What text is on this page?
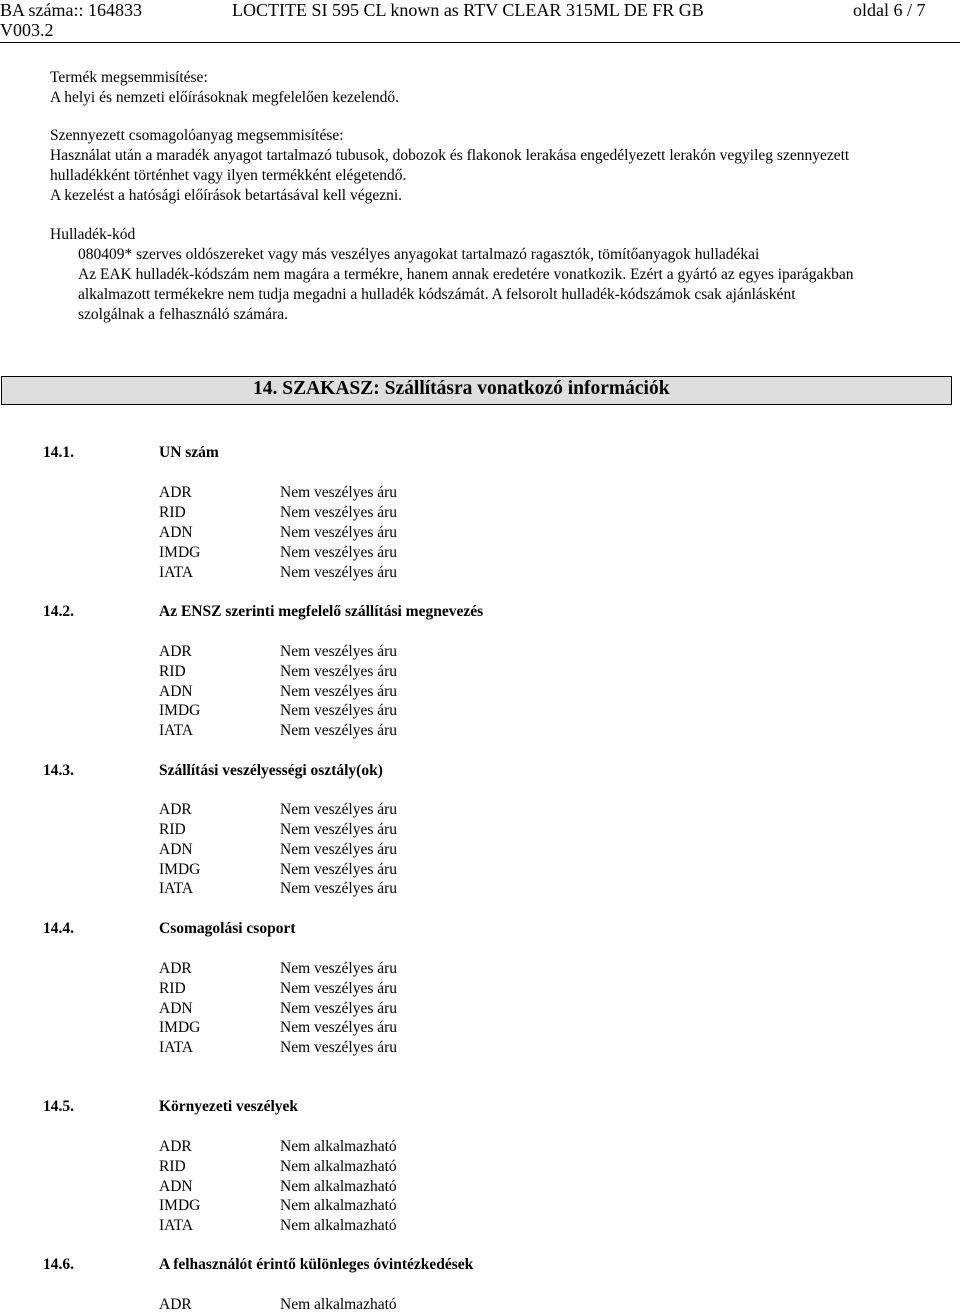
BA száma:: 164833
V003.2
LOCTITE SI 595 CL known as RTV CLEAR 315ML DE FR GB	oldal 6 / 7
Termék megsemmisítése:
A helyi és nemzeti előírásoknak megfelelően kezelendő.
Szennyezett csomagolóanyag megsemmisítése:
Használat után a maradék anyagot tartalmazó tubusok, dobozok és flakonok lerakása engedélyezett lerakón vegyileg szennyezett
hulladékként történhet vagy ilyen termékként elégetendő.
A kezelést a hatósági előírások betartásával kell végezni.
Hulladék-kód
080409* szerves oldószereket vagy más veszélyes anyagokat tartalmazó ragasztók, tömítőanyagok hulladékai
Az EAK hulladék-kódszám nem magára a termékre, hanem annak eredetére vonatkozik. Ezért a gyártó az egyes iparágakban
alkalmazott termékekre nem tudja megadni a hulladék kódszámát. A felsorolt hulladék-kódszámok csak ajánlásként
szolgálnak a felhasználó számára.
14. SZAKASZ: Szállításra vonatkozó információk
14.1.	UN szám
ADR	Nem veszélyes áru
RID	Nem veszélyes áru
ADN	Nem veszélyes áru
IMDG	Nem veszélyes áru
IATA	Nem veszélyes áru
14.2.	Az ENSZ szerinti megfelelő szállítási megnevezés
ADR	Nem veszélyes áru
RID	Nem veszélyes áru
ADN	Nem veszélyes áru
IMDG	Nem veszélyes áru
IATA	Nem veszélyes áru
14.3.	Szállítási veszélyességi osztály(ok)
ADR	Nem veszélyes áru
RID	Nem veszélyes áru
ADN	Nem veszélyes áru
IMDG	Nem veszélyes áru
IATA	Nem veszélyes áru
14.4.	Csomagolási csoport
ADR	Nem veszélyes áru
RID	Nem veszélyes áru
ADN	Nem veszélyes áru
IMDG	Nem veszélyes áru
IATA	Nem veszélyes áru
14.5.	Környezeti veszélyek
ADR	Nem alkalmazható
RID	Nem alkalmazható
ADN	Nem alkalmazható
IMDG	Nem alkalmazható
IATA	Nem alkalmazható
14.6.	A felhasználót érintő különleges óvintézkedések
ADR	Nem alkalmazható
